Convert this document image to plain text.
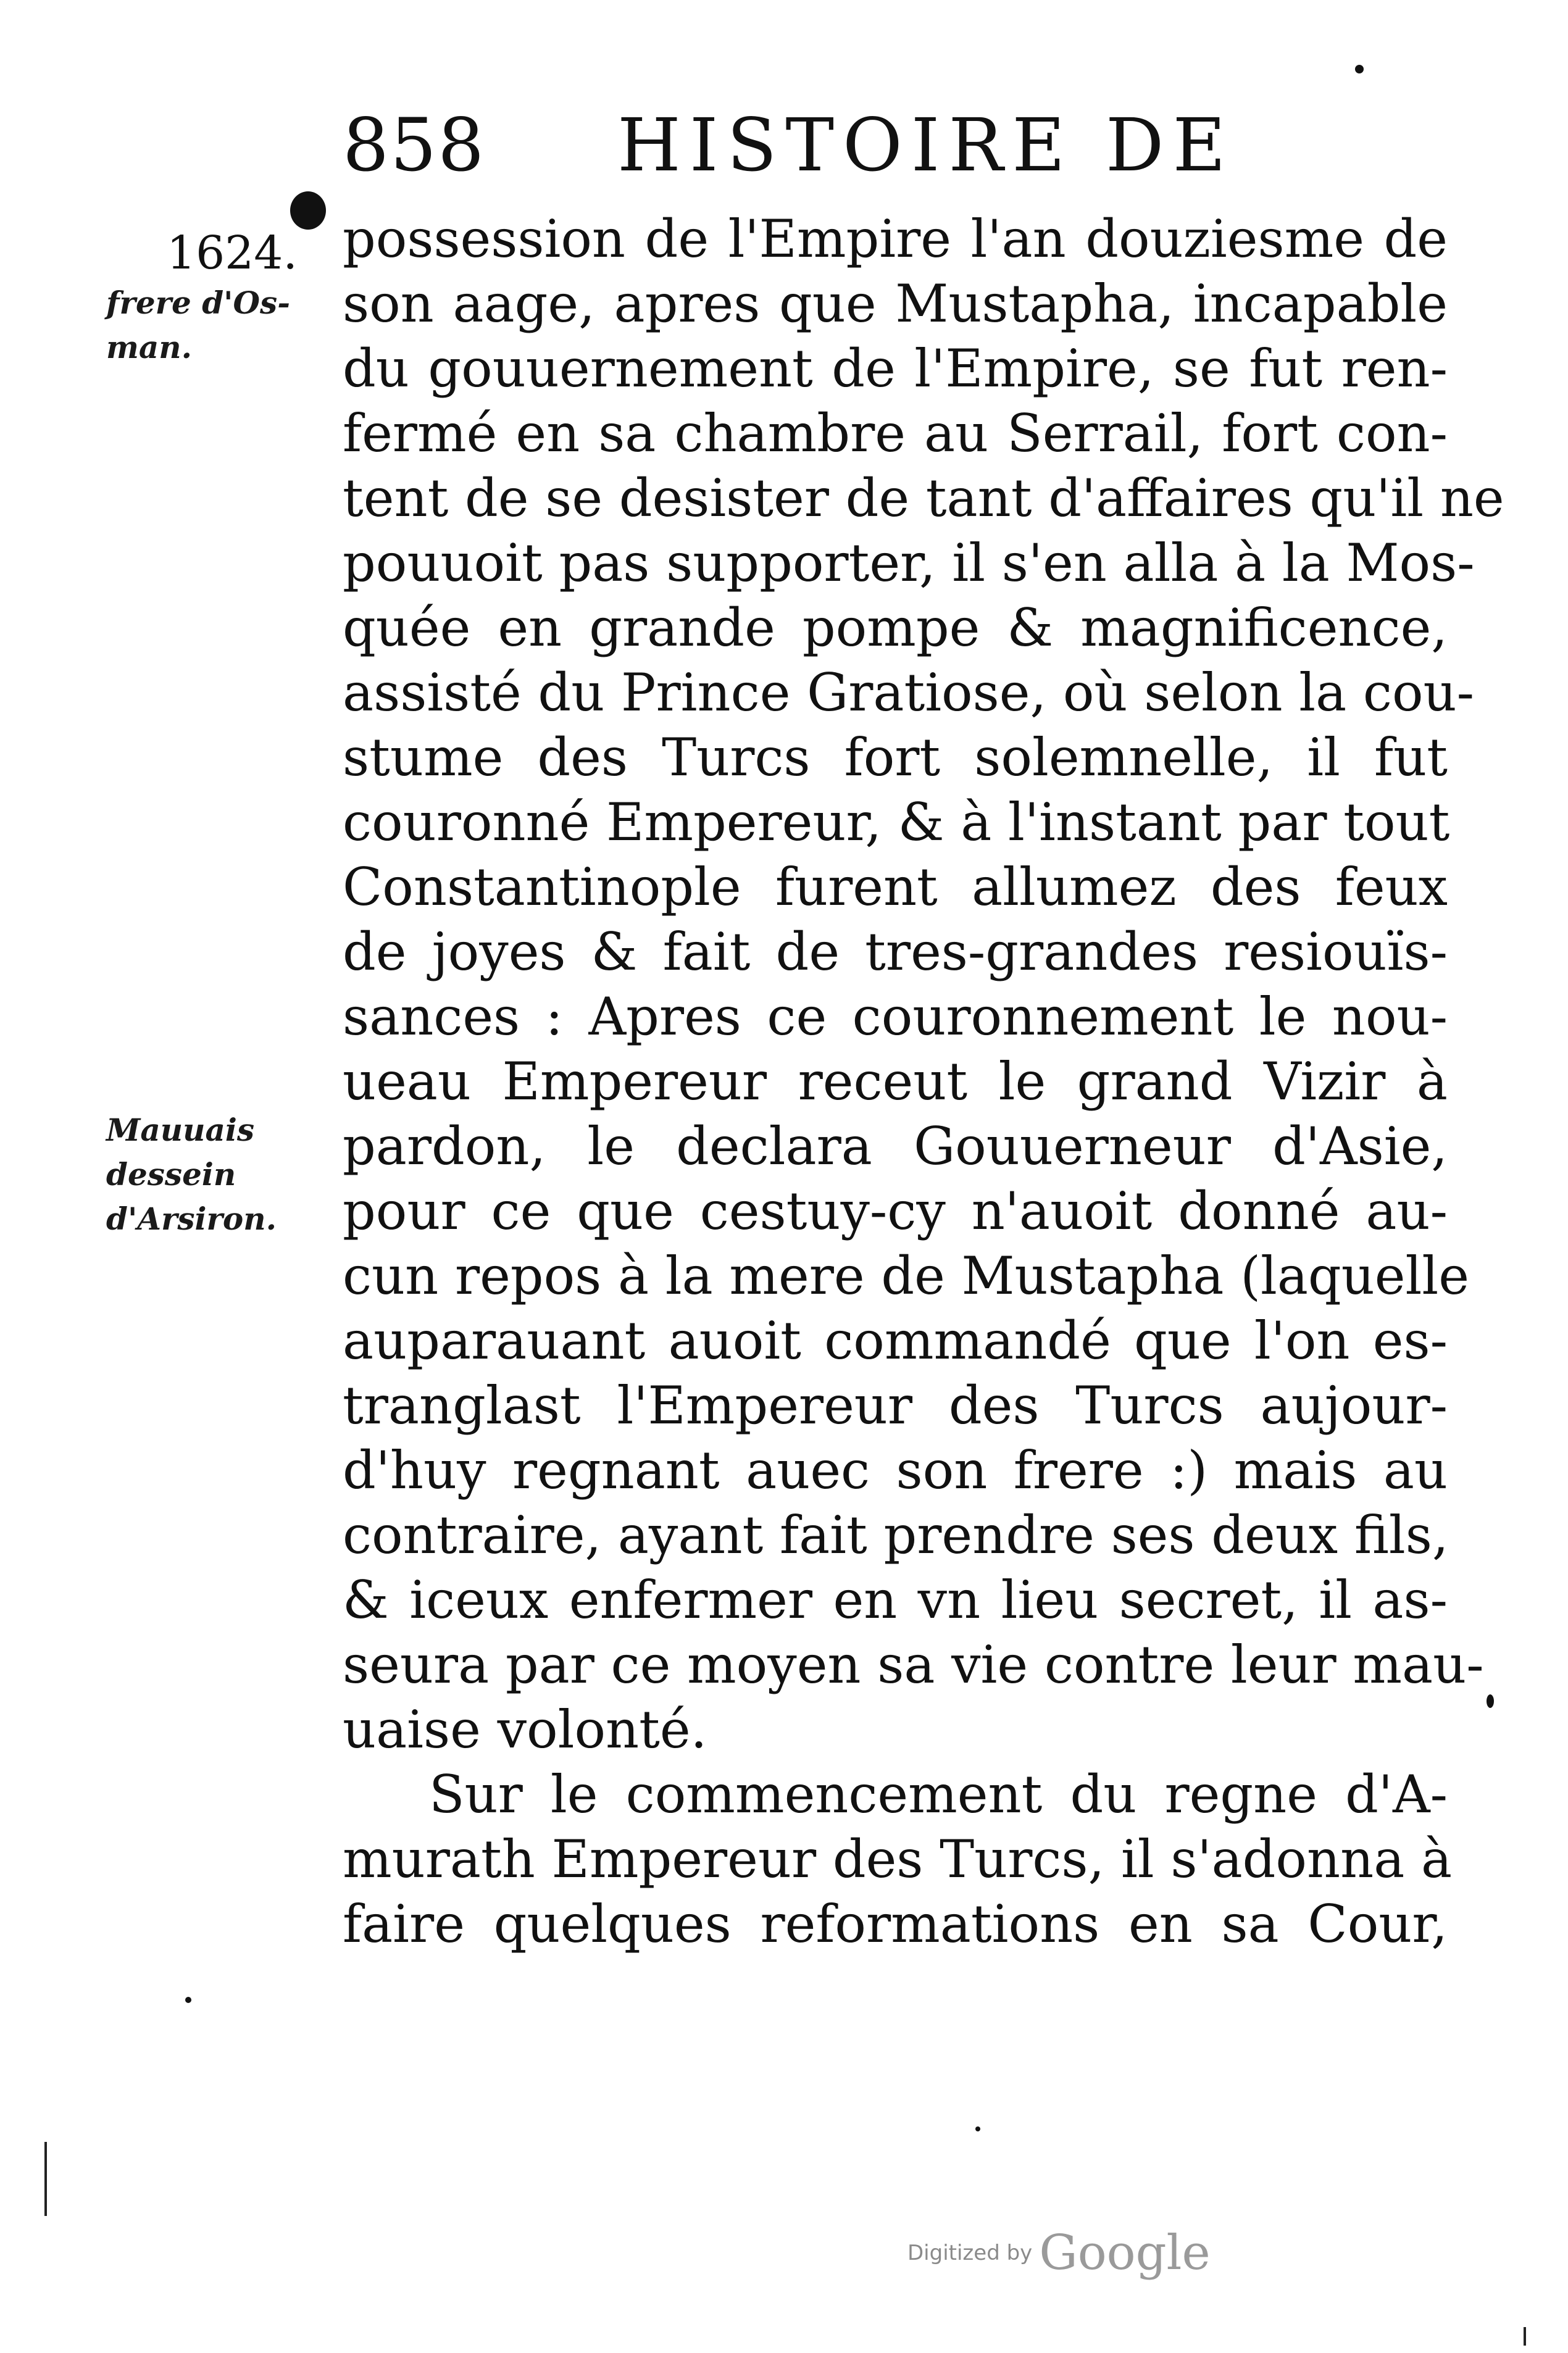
858 HISTOIRE DE
1624.
frere d'Os-
man.
Mauuais
dessein
d'Arsiron.
possession de l'Empire l'an douziesme de
son aage, apres que Mustapha, incapable
du gouuernement de l'Empire, se fut ren-
fermé en sa chambre au Serrail, fort con-
tent de se desister de tant d'affaires qu'il ne
pouuoit pas supporter, il s'en alla à la Mos-
quée en grande pompe & magnificence,
assisté du Prince Gratiose, où selon la cou-
stume des Turcs fort solemnelle, il fut
couronné Empereur, & à l'instant par tout
Constantinople furent allumez des feux
de joyes & fait de tres-grandes resiouïs-
sances : Apres ce couronnement le nou-
ueau Empereur receut le grand Vizir à
pardon, le declara Gouuerneur d'Asie,
pour ce que cestuy-cy n'auoit donné au-
cun repos à la mere de Mustapha (laquelle
auparauant auoit commandé que l'on es-
tranglast l'Empereur des Turcs aujour-
d'huy regnant auec son frere :) mais au
contraire, ayant fait prendre ses deux fils,
& iceux enfermer en vn lieu secret, il as-
seura par ce moyen sa vie contre leur mau-
uaise volonté.
Sur le commencement du regne d'A-
murath Empereur des Turcs, il s'adonna à
faire quelques reformations en sa Cour,
Digitized by Google
